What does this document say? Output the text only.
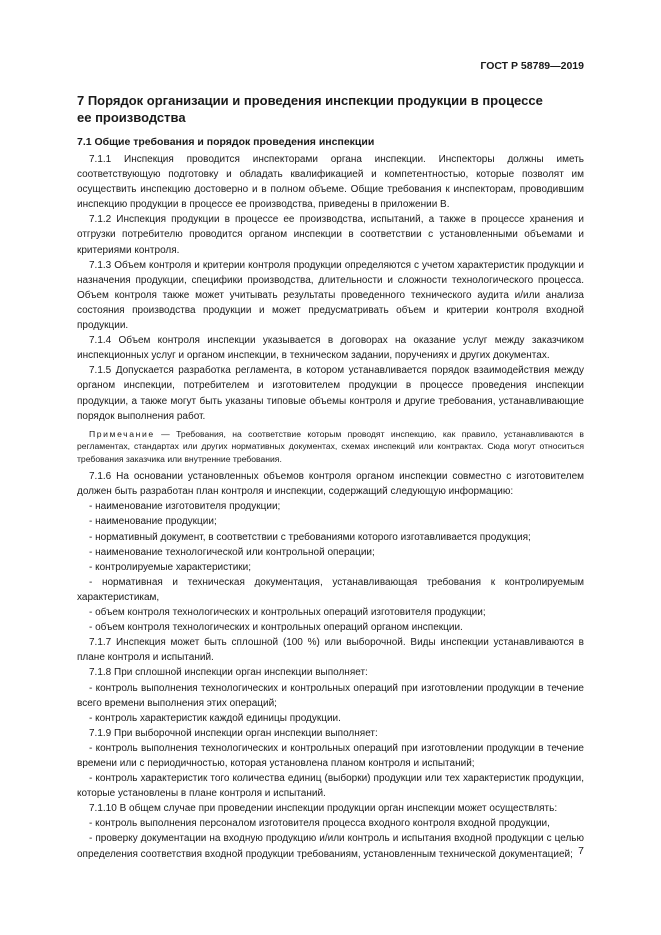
ГОСТ Р 58789—2019
7 Порядок организации и проведения инспекции продукции в процессе ее производства
7.1 Общие требования и порядок проведения инспекции

7.1.1 Инспекция проводится инспекторами органа инспекции. Инспекторы должны иметь соответствующую подготовку и обладать квалификацией и компетентностью, которые позволят им осуществить инспекцию достоверно и в полном объеме. Общие требования к инспекторам, проводившим инспекцию продукции в процессе ее производства, приведены в приложении В.

7.1.2 Инспекция продукции в процессе ее производства, испытаний, а также в процессе хранения и отгрузки потребителю проводится органом инспекции в соответствии с установленными объемами и критериями контроля.

7.1.3 Объем контроля и критерии контроля продукции определяются с учетом характеристик продукции и назначения продукции, специфики производства, длительности и сложности технологического процесса. Объем контроля также может учитывать результаты проведенного технического аудита и/или анализа состояния производства продукции и может предусматривать объем и критерии контроля входной продукции.

7.1.4 Объем контроля инспекции указывается в договорах на оказание услуг между заказчиком инспекционных услуг и органом инспекции, в техническом задании, поручениях и других документах.

7.1.5 Допускается разработка регламента, в котором устанавливается порядок взаимодействия между органом инспекции, потребителем и изготовителем продукции в процессе проведения инспекции продукции, а также могут быть указаны типовые объемы контроля и другие требования, устанавливающие порядок выполнения работ.

Примечание — Требования, на соответствие которым проводят инспекцию, как правило, устанавливаются в регламентах, стандартах или других нормативных документах, схемах инспекций или контрактах. Сюда могут относиться требования заказчика или внутренние требования.

7.1.6 На основании установленных объемов контроля органом инспекции совместно с изготовителем должен быть разработан план контроля и инспекции, содержащий следующую информацию:

- наименование изготовителя продукции;

- наименование продукции;

- нормативный документ, в соответствии с требованиями которого изготавливается продукция;

- наименование технологической или контрольной операции;

- контролируемые характеристики;

- нормативная и техническая документация, устанавливающая требования к контролируемым характеристикам,

- объем контроля технологических и контрольных операций изготовителя продукции;

- объем контроля технологических и контрольных операций органом инспекции.

7.1.7 Инспекция может быть сплошной (100 %) или выборочной. Виды инспекции устанавливаются в плане контроля и испытаний.

7.1.8 При сплошной инспекции орган инспекции выполняет:

- контроль выполнения технологических и контрольных операций при изготовлении продукции в течение всего времени выполнения этих операций;

- контроль характеристик каждой единицы продукции.

7.1.9 При выборочной инспекции орган инспекции выполняет:

- контроль выполнения технологических и контрольных операций при изготовлении продукции в течение времени или с периодичностью, которая установлена планом контроля и испытаний;

- контроль характеристик того количества единиц (выборки) продукции или тех характеристик продукции, которые установлены в плане контроля и испытаний.

7.1.10 В общем случае при проведении инспекции продукции орган инспекции может осуществлять:

- контроль выполнения персоналом изготовителя процесса входного контроля входной продукции,

- проверку документации на входную продукцию и/или контроль и испытания входной продукции с целью определения соответствия входной продукции требованиям, установленным технической документацией; 7
